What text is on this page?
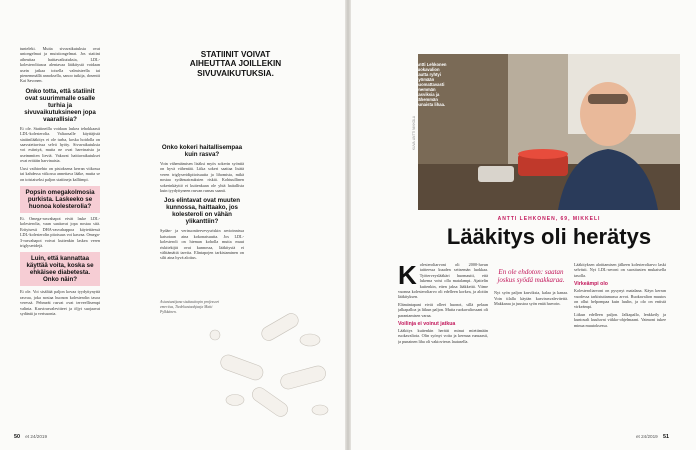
tunteleki. Muita sivuvaikutuksia ovat uniongelmat ja muistiongelmat. Jos statiini aiheuttaa haittavaikutuksia, LDL-kolesterolitasoa alentavaa lääkitystä voidaan usein jatkaa toisella valmisteella tai pienemmällä annoksella, sanoo tutkija, dosentti Kai Savonen.

Onko totta, että statiinit ovat suurimmalle osalle turhia ja sivuvaikutuksineen jopa vaarallisia?

Ei ole. Statiineilla voidaan laskea tehokkaasti LDL-kolesterolia. Valtaosalle käyttäjistä statiinilääkitys ei ole turha, koska hoidolla on saavutettavissa selvä hyöty. Sivuvaikutuksia voi esiintyä, mutta ne ovat harvinaisia ja useimmiten lieviä. Vakavat haittavaikutukset ovat erittäin harvinaisia.

Uusi vaihtoehto on pistoksena kerran viikossa tai kahdessa viikossa annettava lääke, mutta se on toistaiseksi paljon statiineja kalliimpi.

Popsin omegakolmosia purkista. Laskeeko se huonoa kolesterolia?

Ei. Omega-rasvahapot eivät laske LDL-kolesterolia, vaan saattavat jopa nostaa sitä. Erityisesti DHA-rasvahappoa käytettäessä LDL-kolesterolin pitoisuus voi kasvaa. Omega-3-rasvahapot voivat kuitenkin laskea veren triglyseridejä.

Luin, että kannattaa käyttää voita, koska se ehkäisee diabetesta. Onko näin?

Ei ole. Voi sisältää paljon kovaa tyydyttynyttä rasvaa, joka nostaa huonon kolesterolin tasoa veressä. Pehmeät rasvat ovat terveellisempi valinta. Kasvirasvalevitteet ja öljyt suojaavat sydäntä ja verisuonia.

STATIINIT VOIVAT AIHEUTTAA JOILLEKIN SIVUVAIKUTUKSIA.
Onko kokeri haitallisempaa kuin rasva?

Voin vähentämisen lisäksi myös sokerin syöntiä on hyvä vähentää. Liika sokeri saattaa lisätä veren triglyseridipitoisuutta ja lihomista, mikä nostaa sydänsairauksien riskiä. Kohtuullinen sokerinkäyttö ei kuitenkaan ole yhtä haitallista kuin tyydyttyneen rasvan runsas saanti.

Jos elintavat ovat muuten kunnossa, haittaako, jos kolesteroli on vähän ylikanttiin?

Sydän- ja verisuonitervevysriskin arvioinnissa katsotaan aina kokonaisuutta. Jos LDL-kolesteroli on hieman koholla mutta muut riskitekijät ovat kunnossa, lääkitystä ei välttämättä tarvita. Elintapojen tarkistaminen on silti aina hyvä aloitus.

Asiantuntijana sisätautiopin professori emeritus, Tiedekuntaohjaaja Matti Pylkkänen.
50 et 24/2019
Antti Lehkonen ruokavalion kautta ryhtyi syömään huomattavasti enemmän kasviksia ja vähemmän punaista lihaa.
KUVA: ANTTI NIKKOLA
ANTTI LEHKONEN, 69, MIKKELI
Lääkitys oli herätys

Kolesteroliarvoni oli 2000-luvun taitteessa kuuden seitsemän luokkaa. Työterveyslääkäri huomautti, että lukema voisi olla matalampi. Ajattelin kuitenkin, etten jaksa lääkkeitä. Viime vuonna kolesteroliarvo oli edelleen korkea, ja aloitin lääkityksen.

Elämäntapani eivät olleet huonot, sillä pelaan jalkapalloa ja liikun paljon. Mutta ruokavaliossani oli parantamisen varaa.

Voilinja ei voinut jatkua

Lääkitys kuitenkin herätti minut miettimään ruokavaliota. Olin syönyt voita ja kermaa runsaasti, ja punainen liha oli vakiovieras lautasella.

En ole ehdoton: saatan joskus syödä makkaraa.

Nyt syön paljon kasviksia, kalaa ja kanaa. Voin tilalla käytän kasvirasvalevitettä. Makkaraa ja juustoa syön enää harvoin.

Lääkityksen aloittamisen jälkeen kolesteroliarvo laski selvästi. Nyt LDL-arvoni on suositusten mukaisella tasolla.

Virkeämpi olo

Kolesteroliarvoni on pysynyt matalana. Käyn kerran vuodessa tarkistuttamassa arvot. Ruokavalion muutos on ollut helpompaa kuin luulin, ja olo on entistä virkeämpi.

Liikun edelleen paljon. Jalkapallo, lenkkeily ja kuntosali kuuluvat viikko-ohjelmaani. Vaimoni tukee minua muutoksessa.

et 24/2019 51
